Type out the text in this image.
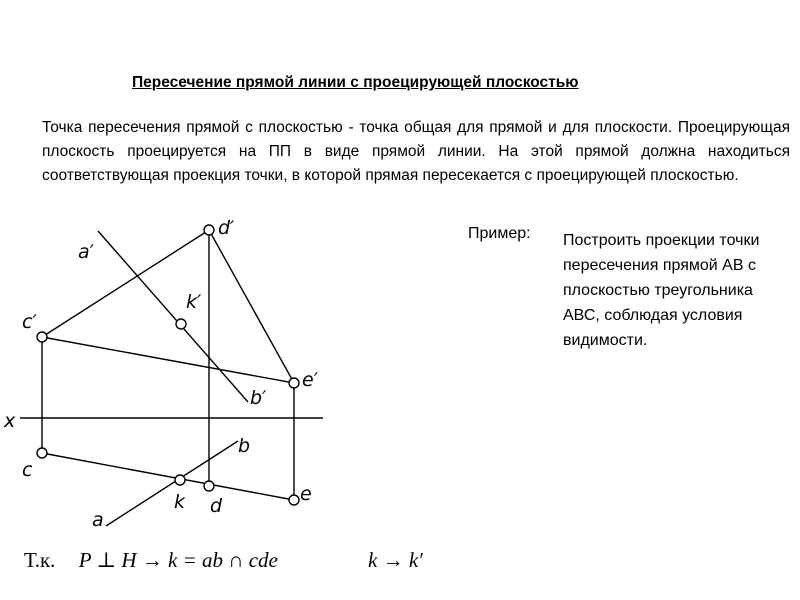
Пересечение прямой линии с проецирующей плоскостью
Точка пересечения прямой с плоскостью - точка общая для прямой и для плоскости. Проецирующая плоскость проецируется на ПП в виде прямой линии. На этой прямой должна находиться соответствующая проекция точки, в которой прямая пересекается с проецирующей плоскостью.
Пример: Построить проекции точки пересечения прямой АВ с плоскостью треугольника АВС, соблюдая условия видимости.
a′
d′
k′
c′
e′
b′
x
b
c
k d
e
a
Т.к. P ⊥ H → k = ab ∩ cde	k → k′
